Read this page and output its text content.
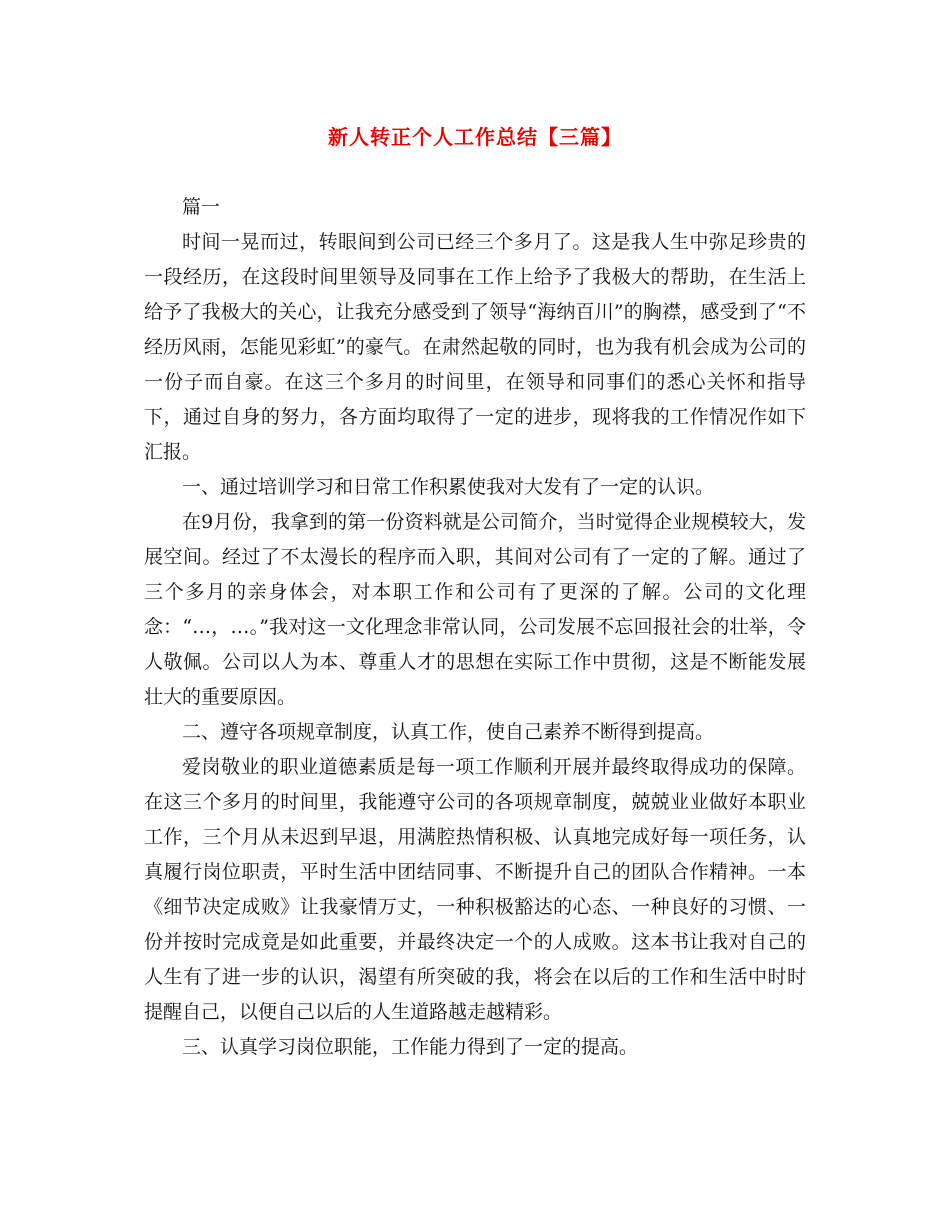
新人转正个人工作总结【三篇】

篇一

时间一晃而过，转眼间到公司已经三个多月了。这是我人生中弥足珍贵的一段经历，在这段时间里领导及同事在工作上给予了我极大的帮助，在生活上给予了我极大的关心，让我充分感受到了领导“海纳百川”的胸襟，感受到了“不经历风雨，怎能见彩虹”的豪气。在肃然起敬的同时，也为我有机会成为公司的一份子而自豪。在这三个多月的时间里，在领导和同事们的悉心关怀和指导下，通过自身的努力，各方面均取得了一定的进步，现将我的工作情况作如下汇报。

一、通过培训学习和日常工作积累使我对大发有了一定的认识。

在9月份，我拿到的第一份资料就是公司简介，当时觉得企业规模较大，发展空间。经过了不太漫长的程序而入职，其间对公司有了一定的了解。通过了三个多月的亲身体会，对本职工作和公司有了更深的了解。公司的文化理念：“…，…。”我对这一文化理念非常认同，公司发展不忘回报社会的壮举，令人敬佩。公司以人为本、尊重人才的思想在实际工作中贯彻，这是不断能发展壮大的重要原因。

二、遵守各项规章制度，认真工作，使自己素养不断得到提高。

爱岗敬业的职业道德素质是每一项工作顺利开展并最终取得成功的保障。在这三个多月的时间里，我能遵守公司的各项规章制度，兢兢业业做好本职业工作，三个月从未迟到早退，用满腔热情积极、认真地完成好每一项任务，认真履行岗位职责，平时生活中团结同事、不断提升自己的团队合作精神。一本《细节决定成败》让我豪情万丈，一种积极豁达的心态、一种良好的习惯、一份并按时完成竟是如此重要，并最终决定一个的人成败。这本书让我对自己的人生有了进一步的认识，渴望有所突破的我，将会在以后的工作和生活中时时提醒自己，以便自己以后的人生道路越走越精彩。

三、认真学习岗位职能，工作能力得到了一定的提高。
